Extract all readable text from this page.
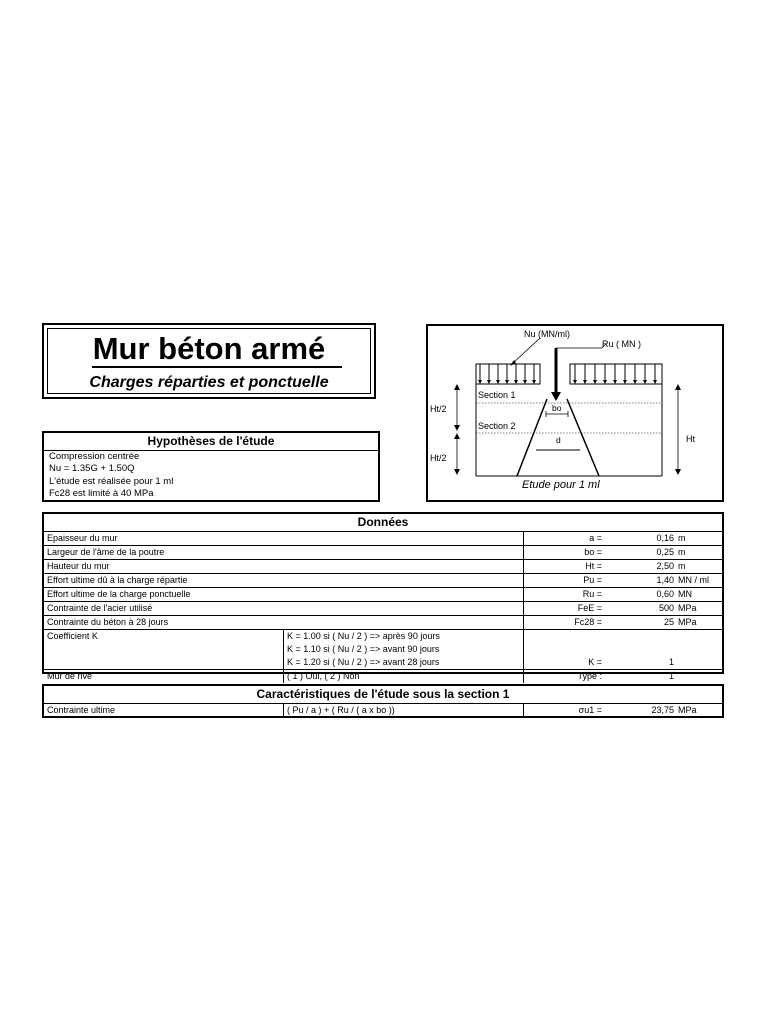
Mur béton armé
Charges réparties et ponctuelle
Hypothèses de l'étude
Compression centrée
Nu = 1.35G + 1.50Q
L'étude est réalisée pour 1 ml
Fc28 est limité à 40 MPa
Nu (MN/ml)
Ru ( MN )
Section 1
Section 2
bo
d
Ht/2
Ht/2
Ht
Etude pour 1 ml
Données
Epaisseur du mur	a =	0,16 m
Largeur de l'âme de la poutre	bo =	0,25 m
Hauteur du mur	Ht =	2,50 m
Effort ultime dû à la charge répartie	Pu =	1,40 MN / ml
Effort ultime de la charge ponctuelle	Ru =	0,60 MN
Contrainte de l'acier utilisé	FeE =	500 MPa
Contrainte du béton à 28 jours	Fc28 =	25 MPa
Coefficient K	K = 1.00 si ( Nu / 2 ) => après 90 jours
K = 1.10 si ( Nu / 2 ) => avant 90 jours
K = 1.20 si ( Nu / 2 ) => avant 28 jours	K =	1
Mur de rive	( 1 ) Oui, ( 2 ) Non	Type :	1
Caractéristiques de l'étude sous la section 1
Contrainte ultime	( Pu / a ) + ( Ru / ( a x bo ))	σu1 =	23,75 MPa
